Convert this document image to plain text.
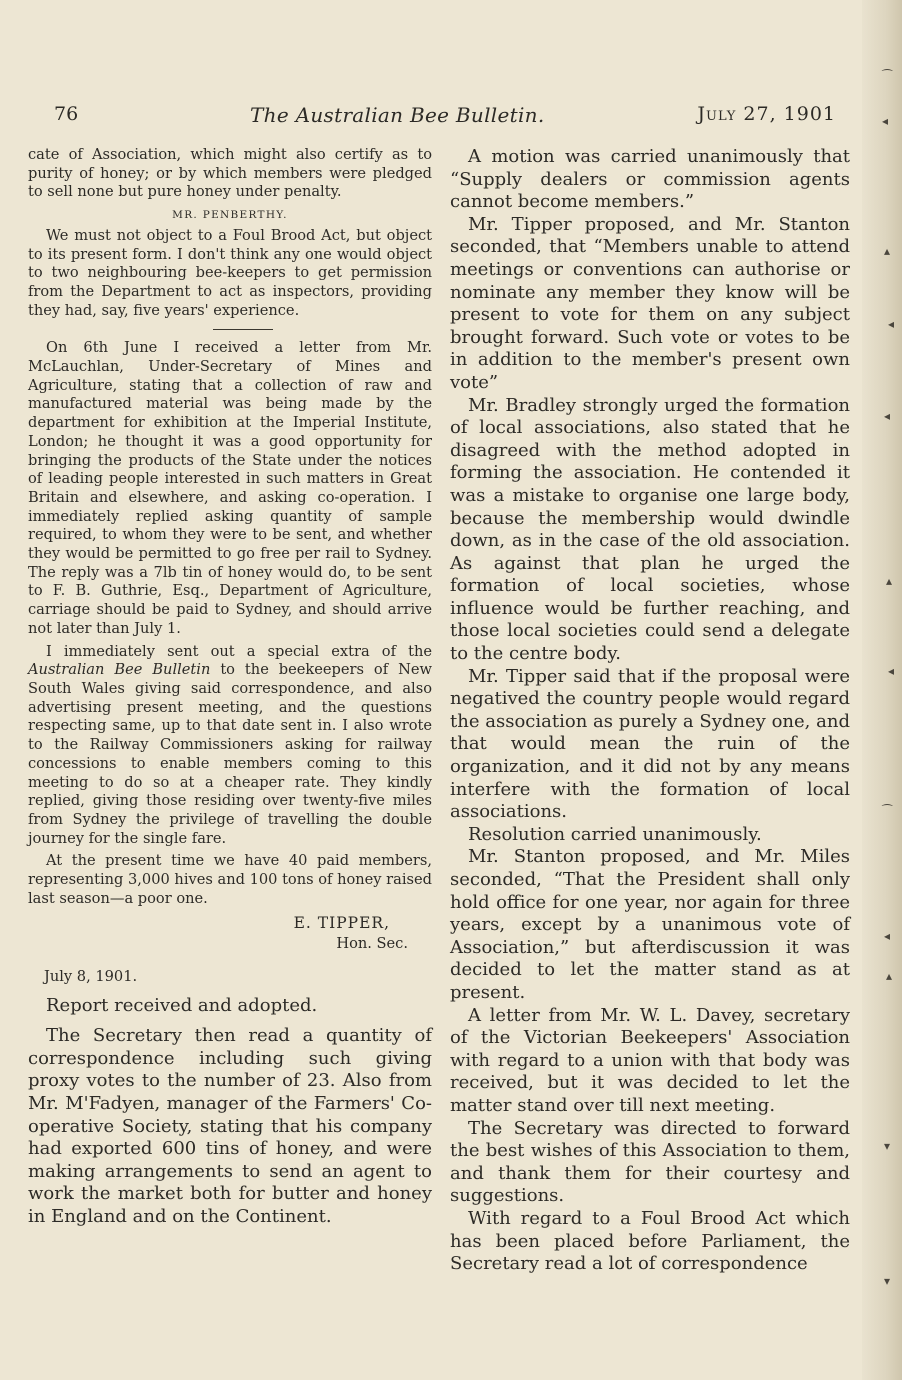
76	The Australian Bee Bulletin.	July 27, 1901

cate of Association, which might also certify as to purity of honey; or by which members were pledged to sell none but pure honey under penalty.

MR. PENBERTHY.

We must not object to a Foul Brood Act, but object to its present form. I don't think any one would object to two neighbouring bee-keepers to get permission from the Department to act as inspectors, providing they had, say, five years' experience.

On 6th June I received a letter from Mr. McLauchlan, Under-Secretary of Mines and Agriculture, stating that a collection of raw and manufactured material was being made by the department for exhibition at the Imperial Institute, London; he thought it was a good opportunity for bringing the products of the State under the notices of leading people interested in such matters in Great Britain and elsewhere, and asking co-operation. I immediately replied asking quantity of sample required, to whom they were to be sent, and whether they would be permitted to go free per rail to Sydney. The reply was a 7lb tin of honey would do, to be sent to F. B. Guthrie, Esq., Department of Agriculture, carriage should be paid to Sydney, and should arrive not later than July 1.

I immediately sent out a special extra of the Australian Bee Bulletin to the beekeepers of New South Wales giving said correspondence, and also advertising present meeting, and the questions respecting same, up to that date sent in. I also wrote to the Railway Commissioners asking for railway concessions to enable members coming to this meeting to do so at a cheaper rate. They kindly replied, giving those residing over twenty-five miles from Sydney the privilege of travelling the double journey for the single fare.

At the present time we have 40 paid members, representing 3,000 hives and 100 tons of honey raised last season—a poor one.

E. TIPPER,
Hon. Sec.
July 8, 1901.
Report received and adopted.

The Secretary then read a quantity of correspondence including such giving proxy votes to the number of 23. Also from Mr. M'Fadyen, manager of the Farmers' Co-operative Society, stating that his company had exported 600 tins of honey, and were making arrangements to send an agent to work the market both for butter and honey in England and on the Continent.

A motion was carried unanimously that “Supply dealers or commission agents cannot become members.”

Mr. Tipper proposed, and Mr. Stanton seconded, that “Members unable to attend meetings or conventions can authorise or nominate any member they know will be present to vote for them on any subject brought forward. Such vote or votes to be in addition to the member's present own vote”

Mr. Bradley strongly urged the formation of local associations, also stated that he disagreed with the method adopted in forming the association. He contended it was a mistake to organise one large body, because the membership would dwindle down, as in the case of the old association. As against that plan he urged the formation of local societies, whose influence would be further reaching, and those local societies could send a delegate to the centre body.

Mr. Tipper said that if the proposal were negatived the country people would regard the association as purely a Sydney one, and that would mean the ruin of the organization, and it did not by any means interfere with the formation of local associations.

Resolution carried unanimously.

Mr. Stanton proposed, and Mr. Miles seconded, “That the President shall only hold office for one year, nor again for three years, except by a unanimous vote of Association,” but afterdiscussion it was decided to let the matter stand as at present.

A letter from Mr. W. L. Davey, secretary of the Victorian Beekeepers' Association with regard to a union with that body was received, but it was decided to let the matter stand over till next meeting.

The Secretary was directed to forward the best wishes of this Association to them, and thank them for their courtesy and suggestions.

With regard to a Foul Brood Act which has been placed before Parliament, the Secretary read a lot of correspondence

⁀
◂
▴
◂
◂
▴
◂
⁀
◂
▴
▾
▾
